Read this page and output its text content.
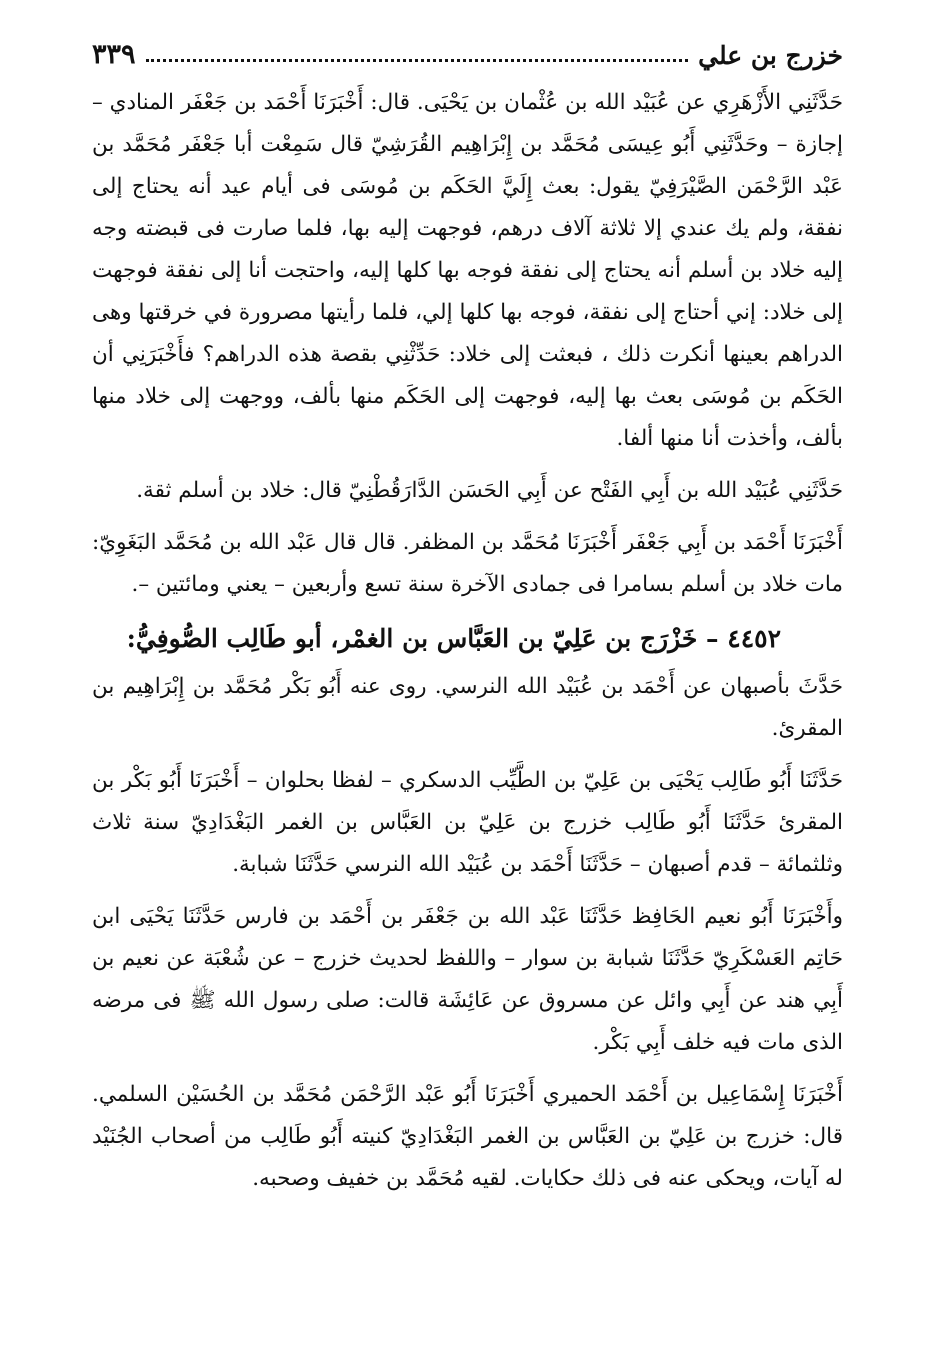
خزرج بن علي
٣٣٩

حَدَّثَنِي الأَزْهَرِي عن عُبَيْد الله بن عُثْمان بن يَحْيَى. قال: أَخْبَرَنَا أَحْمَد بن جَعْفَر المنادي – إجازة – وحَدَّثَنِي أَبُو عِيسَى مُحَمَّد بن إِبْرَاهِيم القُرَشِيّ قال سَمِعْت أبا جَعْفَر مُحَمَّد بن عَبْد الرَّحْمَن الصَّيْرَفِيّ يقول: بعث إِلَيَّ الحَكَم بن مُوسَى فى أيام عيد أنه يحتاج إلى نفقة، ولم يك عندي إلا ثلاثة آلاف درهم، فوجهت إليه بها، فلما صارت فى قبضته وجه إليه خلاد بن أسلم أنه يحتاج إلى نفقة فوجه بها كلها إليه، واحتجت أنا إلى نفقة فوجهت إلى خلاد: إني أحتاج إلى نفقة، فوجه بها كلها إلي، فلما رأيتها مصرورة في خرقتها وهى الدراهم بعينها أنكرت ذلك ، فبعثت إلى خلاد: حَدِّثْنِي بقصة هذه الدراهم؟ فأَخْبَرَنِي أن الحَكَم بن مُوسَى بعث بها إليه، فوجهت إلى الحَكَم منها بألف، ووجهت إلى خلاد منها بألف، وأخذت أنا منها ألفا.

حَدَّثَنِي عُبَيْد الله بن أَبِي الفَتْح عن أَبِي الحَسَن الدَّارَقُطْنِيّ قال: خلاد بن أسلم ثقة.

أَخْبَرَنَا أَحْمَد بن أَبِي جَعْفَر أَخْبَرَنَا مُحَمَّد بن المظفر. قال قال عَبْد الله بن مُحَمَّد البَغَوِيّ: مات خلاد بن أسلم بسامرا فى جمادى الآخرة سنة تسع وأربعين – يعني ومائتين –.

٤٤٥٢ – خَزْرَج بن عَلِيّ بن العَبَّاس بن الغمْر، أبو طَالِب الصُّوفِيُّ:

حَدَّثَ بأصبهان عن أَحْمَد بن عُبَيْد الله النرسي. روى عنه أَبُو بَكْر مُحَمَّد بن إِبْرَاهِيم بن المقرئ.

حَدَّثَنَا أَبُو طَالِب يَحْيَى بن عَلِيّ بن الطَّيِّب الدسكري – لفظا بحلوان – أَخْبَرَنَا أَبُو بَكْر بن المقرئ حَدَّثَنَا أَبُو طَالِب خزرج بن عَلِيّ بن العَبَّاس بن الغمر البَغْدَادِيّ سنة ثلاث وثلثمائة – قدم أصبهان – حَدَّثَنَا أَحْمَد بن عُبَيْد الله النرسي حَدَّثَنَا شبابة.

وأَخْبَرَنَا أَبُو نعيم الحَافِظ حَدَّثَنَا عَبْد الله بن جَعْفَر بن أَحْمَد بن فارس حَدَّثَنَا يَحْيَى ابن حَاتِم العَسْكَرِيّ حَدَّثَنَا شبابة بن سوار – واللفظ لحديث خزرج – عن شُعْبَة عن نعيم بن أَبِي هند عن أَبِي وائل عن مسروق عن عَائِشَة قالت: صلى رسول الله ﷺ فى مرضه الذى مات فيه خلف أَبِي بَكْر.

أَخْبَرَنَا إِسْمَاعِيل بن أَحْمَد الحميري أَخْبَرَنَا أَبُو عَبْد الرَّحْمَن مُحَمَّد بن الحُسَيْن السلمي. قال: خزرج بن عَلِيّ بن العَبَّاس بن الغمر البَغْدَادِيّ كنيته أَبُو طَالِب من أصحاب الجُنَيْد له آيات، ويحكى عنه فى ذلك حكايات. لقيه مُحَمَّد بن خفيف وصحبه.
